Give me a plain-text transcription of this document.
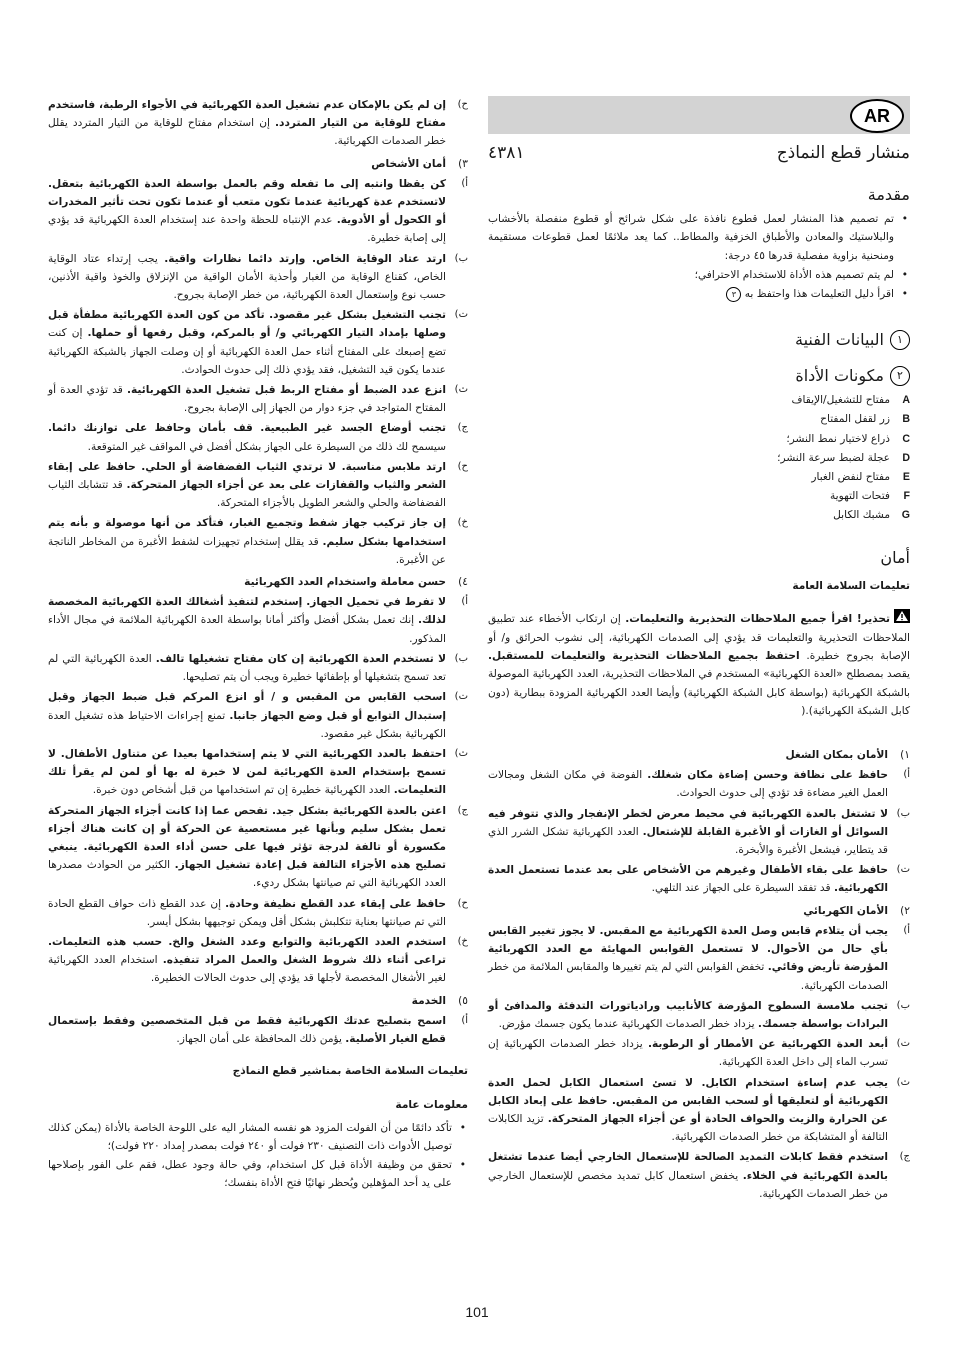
AR
منشار قطع النماذج
٤٣٨١
مقدمة
• تم تصميم هذا المنشار لعمل قطوع نافذة على شكل شرائح أو قطوع منفصلة بالأخشاب والبلاستيك والمعادن والأطباق الخزفية والمطاط.. كما يعد ملائمًا لعمل قطوعات مستقيمة ومنحنية بزاوية مفصلية قدرها ٤٥ درجة:
• لم يتم تصميم هذه الأداة للاستخدام الاحترافي؛
• اقرأ دليل التعليمات هذا واحتفظ به ٣
١
البيانات الفنية
٢
مكونات الأداة
A
مفتاح للتشغيل/الإيقاف
B
زر لقفل المفتاح
C
ذراع لاختيار نمط النشر؛
D
عجلة لضبط سرعة النشر؛
E
مفتاح لنفض الغبار
F
فتحات التهوية
G
مشبك الكابل
أمان
تعليمات السلامة العامة
تحذير! اقرأ جميع الملاحظات التحذيرية والتعليمات. إن ارتكاب الأخطاء عند تطبيق الملاحظات التحذيرية والتعليمات قد يؤدي إلى الصدمات الكهربائية، إلى نشوب الحرائق و/ أو الإصابة بجروح خطيرة. احتفظ بجميع الملاحظات التحذيرية والتعليمات للمستقبل. يقصد بمصطلح «العدة الكهربائية» المستخدم في الملاحظات التحذيرية، العدد الكهربائية الموصولة بالشبكة الكهربائية (بواسطة كابل الشبكة الكهربائية) وأيضا العدد الكهربائية المزودة ببطارية (دون كابل الشبكة الكهربائية).(
١)
الأمان بمكان الشغل
أ)
حافظ على نظافة وحسن إضاءة مكان شغلك. الفوضة في مكان الشغل ومجالات العمل الغير مضاءة قد تؤدي إلى حدوث الحوادث.
ب)
لا تشتغل بالعدة الكهربائية في محيط معرض لخطر الإنفجار والذي تتوفر فيه السوائل أو الغازات أو الأغبرة القابلة للإشتعال. العدد الكهربائية تشكل الشرر الذي قد يتطاير، فيشعل الأغبرة والأبخرة.
ت)
حافظ على بقاء الأطفال وغيرهم من الأشخاص على بعد عندما تستعمل العدة الكهربائية. قد تفقد السيطرة على الجهاز عند التلهي.
٢)
الأمان الكهربائي
أ)
يجب أن يتلاءم قابس وصل العدة الكهربائية مع المقبس. لا يجوز تغيير القابس بأي حال من الأحوال. لا تستعمل القوابس المهايئة مع العدد الكهربائية المؤرضة تأريض وقائي. تخفض القوابس التي لم يتم تغييرها والمقابس الملائمة من خطر الصدمات الكهربائية.
ب)
تجنب ملامسة السطوح المؤرضة كالأنابيب ورادياتورات التدفئة والمدافئ أو البرادات بواسطة جسمك. يزداد خطر الصدمات الكهربائية عندما يكون جسمك مؤرض.
ت)
أبعد العدة الكهربائية عن الأمطار أو الرطوبة. يزداد خطر الصدمات الكهربائية إن تسرب الماء إلى داخل العدة الكهربائية.
ث)
يجب عدم إساءة استخدام الكابل. لا تسئ استعمال الكابل لحمل العدة الكهربائية أو لتعليقها أو لسحب القابس من المقبس. حافظ على إبعاد الكابل عن الحرارة والزيت والحواف الحادة أو عن أجزاء الجهاز المتحركة. تزيد الكابلات التالفة أو المتشابكة من خطر الصدمات الكهربائية.
ج)
استخدم فقط كابلات التمديد الصالحة للإستعمال الخارجي أيضا عندما تشتغل بالعدة الكهربائية في الخلاء. يخفض استعمال كابل تمديد مخصص للإستعمال الخارجي من خطر الصدمات الكهربائية.
ح)
إن لم يكن بالإمكان عدم تشغيل العدة الكهربائية في الأجواء الرطبة، فاستخدم مفتاح للوقاية من التيار المتردد. إن استخدام مفتاح للوقاية من التيار المتردد يقلل خطر الصدمات الكهربائية.
٣)
أمان الأشخاص
أ)
كن يقظا وانتبه إلى ما تفعله وقم بالعمل بواسطة العدة الكهربائية بتعقل. لاتستخدم عدة كهربائية عندما تكون متعب أو عندما تكون تحت تأثير المخدرات أو الكحول أو الأدوية. عدم الإنتباه للحظة واحدة عند إستخدام العدة الكهربائية قد يؤدي إلى إصابة خطيرة.
ب)
ارتد عتاد الوقاية الخاص. وإرتد دائما نظارات واقية. يجب إرتداء عتاد الوقاية الخاص، كقناع الوقاية من الغبار وأحذية الأمان الواقية من الإنزلاق والخوذ واقية الأذنين، حسب نوع وإستعمال العدة الكهربائية، من خطر الإصابة بجروح.
ت)
تجنب التشغيل بشكل غير مقصود. تأكد من كون العدة الكهربائية مطفأة قبل وصلها بإمداد التيار الكهربائي و/ أو بالمركم، وقبل رفعها أو حملها. إن كنت تضع إصبعك على المفتاح أثناء حمل العدة الكهربائية أو إن وصلت الجهاز بالشبكة الكهربائية عندما يكون قيد التشغيل، فقد يؤدي ذلك إلى حدوث الحوادث.
ث)
انزع عدد الضبط أو مفتاح الربط قبل تشغيل العدة الكهربائية. قد تؤدي العدة أو المفتاح المتواجد في جزء دوار من الجهاز إلى الإصابة بجروح.
ج)
تجنب أوضاع الجسد غير الطبيعية. قف بأمان وحافظ على توازنك دائما. سيسمح لك ذلك من السيطرة على الجهاز بشكل أفضل في المواقف غير المتوقعة.
ح)
ارتد ملابس مناسبة. لا ترتدي الثياب الفضفاضة أو الحلي. حافظ على إبقاء الشعر والثياب والقفازات على بعد عن أجزاء الجهاز المتحركة. قد تتشابك الثياب الفضفاضة والحلي والشعر الطويل بالأجزاء المتحركة.
خ)
إن جاز تركيب جهاز شفط وتجميع الغبار، فتأكد من أنها موصولة و بأنه يتم استخدامها بشكل سليم. قد يقلل إستخدام تجهيزات لشفط الأغبرة من المخاطر الناتجة عن الأغبرة.
٤)
حسن معاملة واستخدام العدد الكهربائية
أ)
لا تفرط في تحميل الجهاز. إستخدم لتنفيذ أشغالك العدة الكهربائية المخصصة لذلك. إنك تعمل بشكل أفضل وأكثر أمانا بواسطة العدة الكهربائية الملائمة في مجال الأداء المذكور.
ب)
لا تستخدم العدة الكهربائية إن كان مفتاح تشغيلها تالف. العدة الكهربائية التي لم تعد تسمح بتشغيلها أو بإطفائها خطيرة ويجب أن يتم تصليحها.
ت)
اسحب القابس من المقبس و / أو انزع المركم قبل ضبط الجهاز وقبل إستبدال التوابع أو قبل وضع الجهاز جانبا. تمنع إجراءات الاحتياط هذه تشغيل العدة الكهربائية بشكل غير مقصود.
ث)
احتفظ بالعدد الكهربائية التي لا يتم إستخدامها بعيدا عن متناول الأطفال. لا تسمح بإستخدام العدة الكهربائية لمن لا خبرة له بها أو لمن لم يقرأ تلك التعليمات. العدد الكهربائية خطيرة إن تم استخدامها من قبل أشخاص دون خبرة.
ج)
اعتن بالعدة الكهربائية بشكل جيد. تفحص عما إذا كانت أجزاء الجهاز المتحركة تعمل بشكل سليم وبأنها غير مستعصية عن الحركة أو إن كانت هناك أجزاء مكسورة أو تالفة لدرجة تؤثر فيها على حسن أداء العدة الكهربائية. ينبغي تصليح هذه الأجزاء التالفة قبل إعادة تشغيل الجهاز. الكثير من الحوادث مصدرها العدد الكهربائية التي تم صيانتها بشكل رديء.
ح)
حافظ على إبقاء عدد القطع نظيفة وحادة. إن عدد القطع ذات حواف القطع الحادة التي تم صيانتها بعناية تتكلبش بشكل أقل ويمكن توجيهها بشكل أيسر.
خ)
استخدم العدد الكهربائية والتوابع وعدد الشغل والخ. حسب هذه التعليمات. تراعى أثناء ذلك شروط الشغل والعمل المراد تنفيذه. استخدام العدد الكهربائية لغير الأشغال المخصصة لأجلها قد يؤدي إلى حدوث الحالات الخطيرة.
٥)
الخدمة
أ)
اسمح بتصليح عدتك الكهربائية فقط من قبل المتخصصين وفقط بإستعمال قطع الغيار الأصلية. يؤمن ذلك المحافظة على أمان الجهاز.
تعليمات السلامة الخاصة بمناشير قطع النماذج
معلومات عامة
• تأكد دائمًا من أن الفولت المزود هو نفسه المشار اليه على اللوحة الخاصة بالأداة (يمكن كذلك توصيل الأدوات ذات التصنيف ٢٣٠ فولت أو ٢٤٠ فولت بمصدر إمداد ٢٢٠ فولت)؛
• تحقق من وظيفة الأداة قبل كل استخدام، وفي حالة وجود عطل، فقم على الفور بإصلاحها على يد أحد المؤهلين ويُحظر نهائيًا فتح الأداة بنفسك؛
101
